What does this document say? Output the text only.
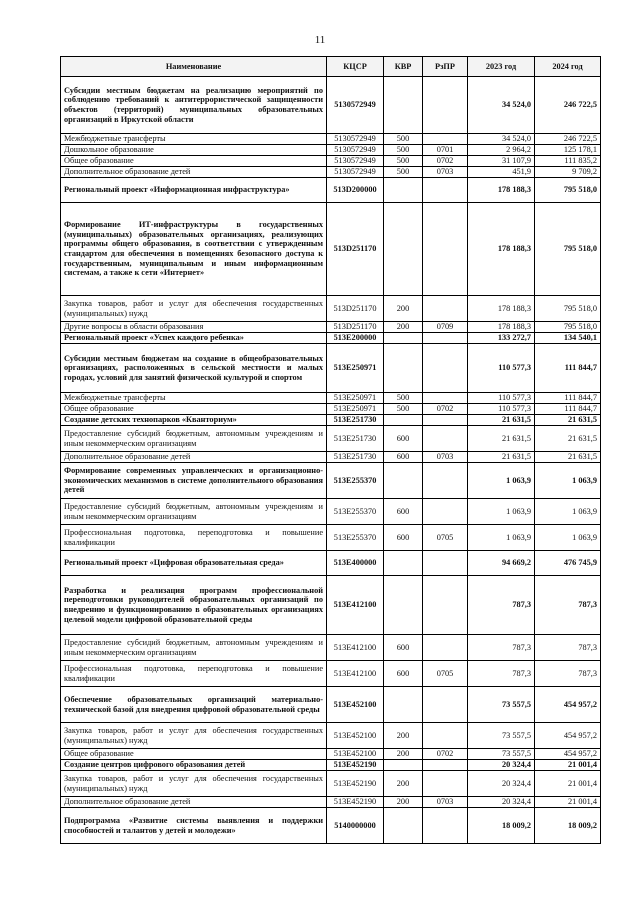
11
Наименование	КЦСР	КВР	РзПР	2023 год	2024 год
Субсидии местным бюджетам на реализацию мероприятий по соблюдению требований к антитеррористической защищенности объектов (территорий) муниципальных образовательных организаций в Иркутской области	5130572949			34 524,0	246 722,5
Межбюджетные трансферты	5130572949	500		34 524,0	246 722,5
Дошкольное образование	5130572949	500	0701	2 964,2	125 178,1
Общее образование	5130572949	500	0702	31 107,9	111 835,2
Дополнительное образование детей	5130572949	500	0703	451,9	9 709,2
Региональный проект «Информационная инфраструктура»	513D200000			178 188,3	795 518,0
Формирование ИТ-инфраструктуры в государственных (муниципальных) образовательных организациях, реализующих программы общего образования, в соответствии с утвержденным стандартом для обеспечения в помещениях безопасного доступа к государственным, муниципальным и иным информационным системам, а также к сети «Интернет»	513D251170			178 188,3	795 518,0
Закупка товаров, работ и услуг для обеспечения государственных (муниципальных) нужд	513D251170	200		178 188,3	795 518,0
Другие вопросы в области образования	513D251170	200	0709	178 188,3	795 518,0
Региональный проект «Успех каждого ребенка»	513E200000			133 272,7	134 540,1
Субсидии местным бюджетам на создание в общеобразовательных организациях, расположенных в сельской местности и малых городах, условий для занятий физической культурой и спортом	513E250971			110 577,3	111 844,7
Межбюджетные трансферты	513E250971	500		110 577,3	111 844,7
Общее образование	513E250971	500	0702	110 577,3	111 844,7
Создание детских технопарков «Кванториум»	513E251730			21 631,5	21 631,5
Предоставление субсидий бюджетным, автономным учреждениям и иным некоммерческим организациям	513E251730	600		21 631,5	21 631,5
Дополнительное образование детей	513E251730	600	0703	21 631,5	21 631,5
Формирование современных управленческих и организационно-экономических механизмов в системе дополнительного образования детей	513E255370			1 063,9	1 063,9
Предоставление субсидий бюджетным, автономным учреждениям и иным некоммерческим организациям	513E255370	600		1 063,9	1 063,9
Профессиональная подготовка, переподготовка и повышение квалификации	513E255370	600	0705	1 063,9	1 063,9
Региональный проект «Цифровая образовательная среда»	513E400000			94 669,2	476 745,9
Разработка и реализация программ профессиональной переподготовки руководителей образовательных организаций по внедрению и функционированию в образовательных организациях целевой модели цифровой образовательной среды	513E412100			787,3	787,3
Предоставление субсидий бюджетным, автономным учреждениям и иным некоммерческим организациям	513E412100	600		787,3	787,3
Профессиональная подготовка, переподготовка и повышение квалификации	513E412100	600	0705	787,3	787,3
Обеспечение образовательных организаций материально-технической базой для внедрения цифровой образовательной среды	513E452100			73 557,5	454 957,2
Закупка товаров, работ и услуг для обеспечения государственных (муниципальных) нужд	513E452100	200		73 557,5	454 957,2
Общее образование	513E452100	200	0702	73 557,5	454 957,2
Создание центров цифрового образования детей	513E452190			20 324,4	21 001,4
Закупка товаров, работ и услуг для обеспечения государственных (муниципальных) нужд	513E452190	200		20 324,4	21 001,4
Дополнительное образование детей	513E452190	200	0703	20 324,4	21 001,4
Подпрограмма «Развитие системы выявления и поддержки способностей и талантов у детей и молодежи»	5140000000			18 009,2	18 009,2
